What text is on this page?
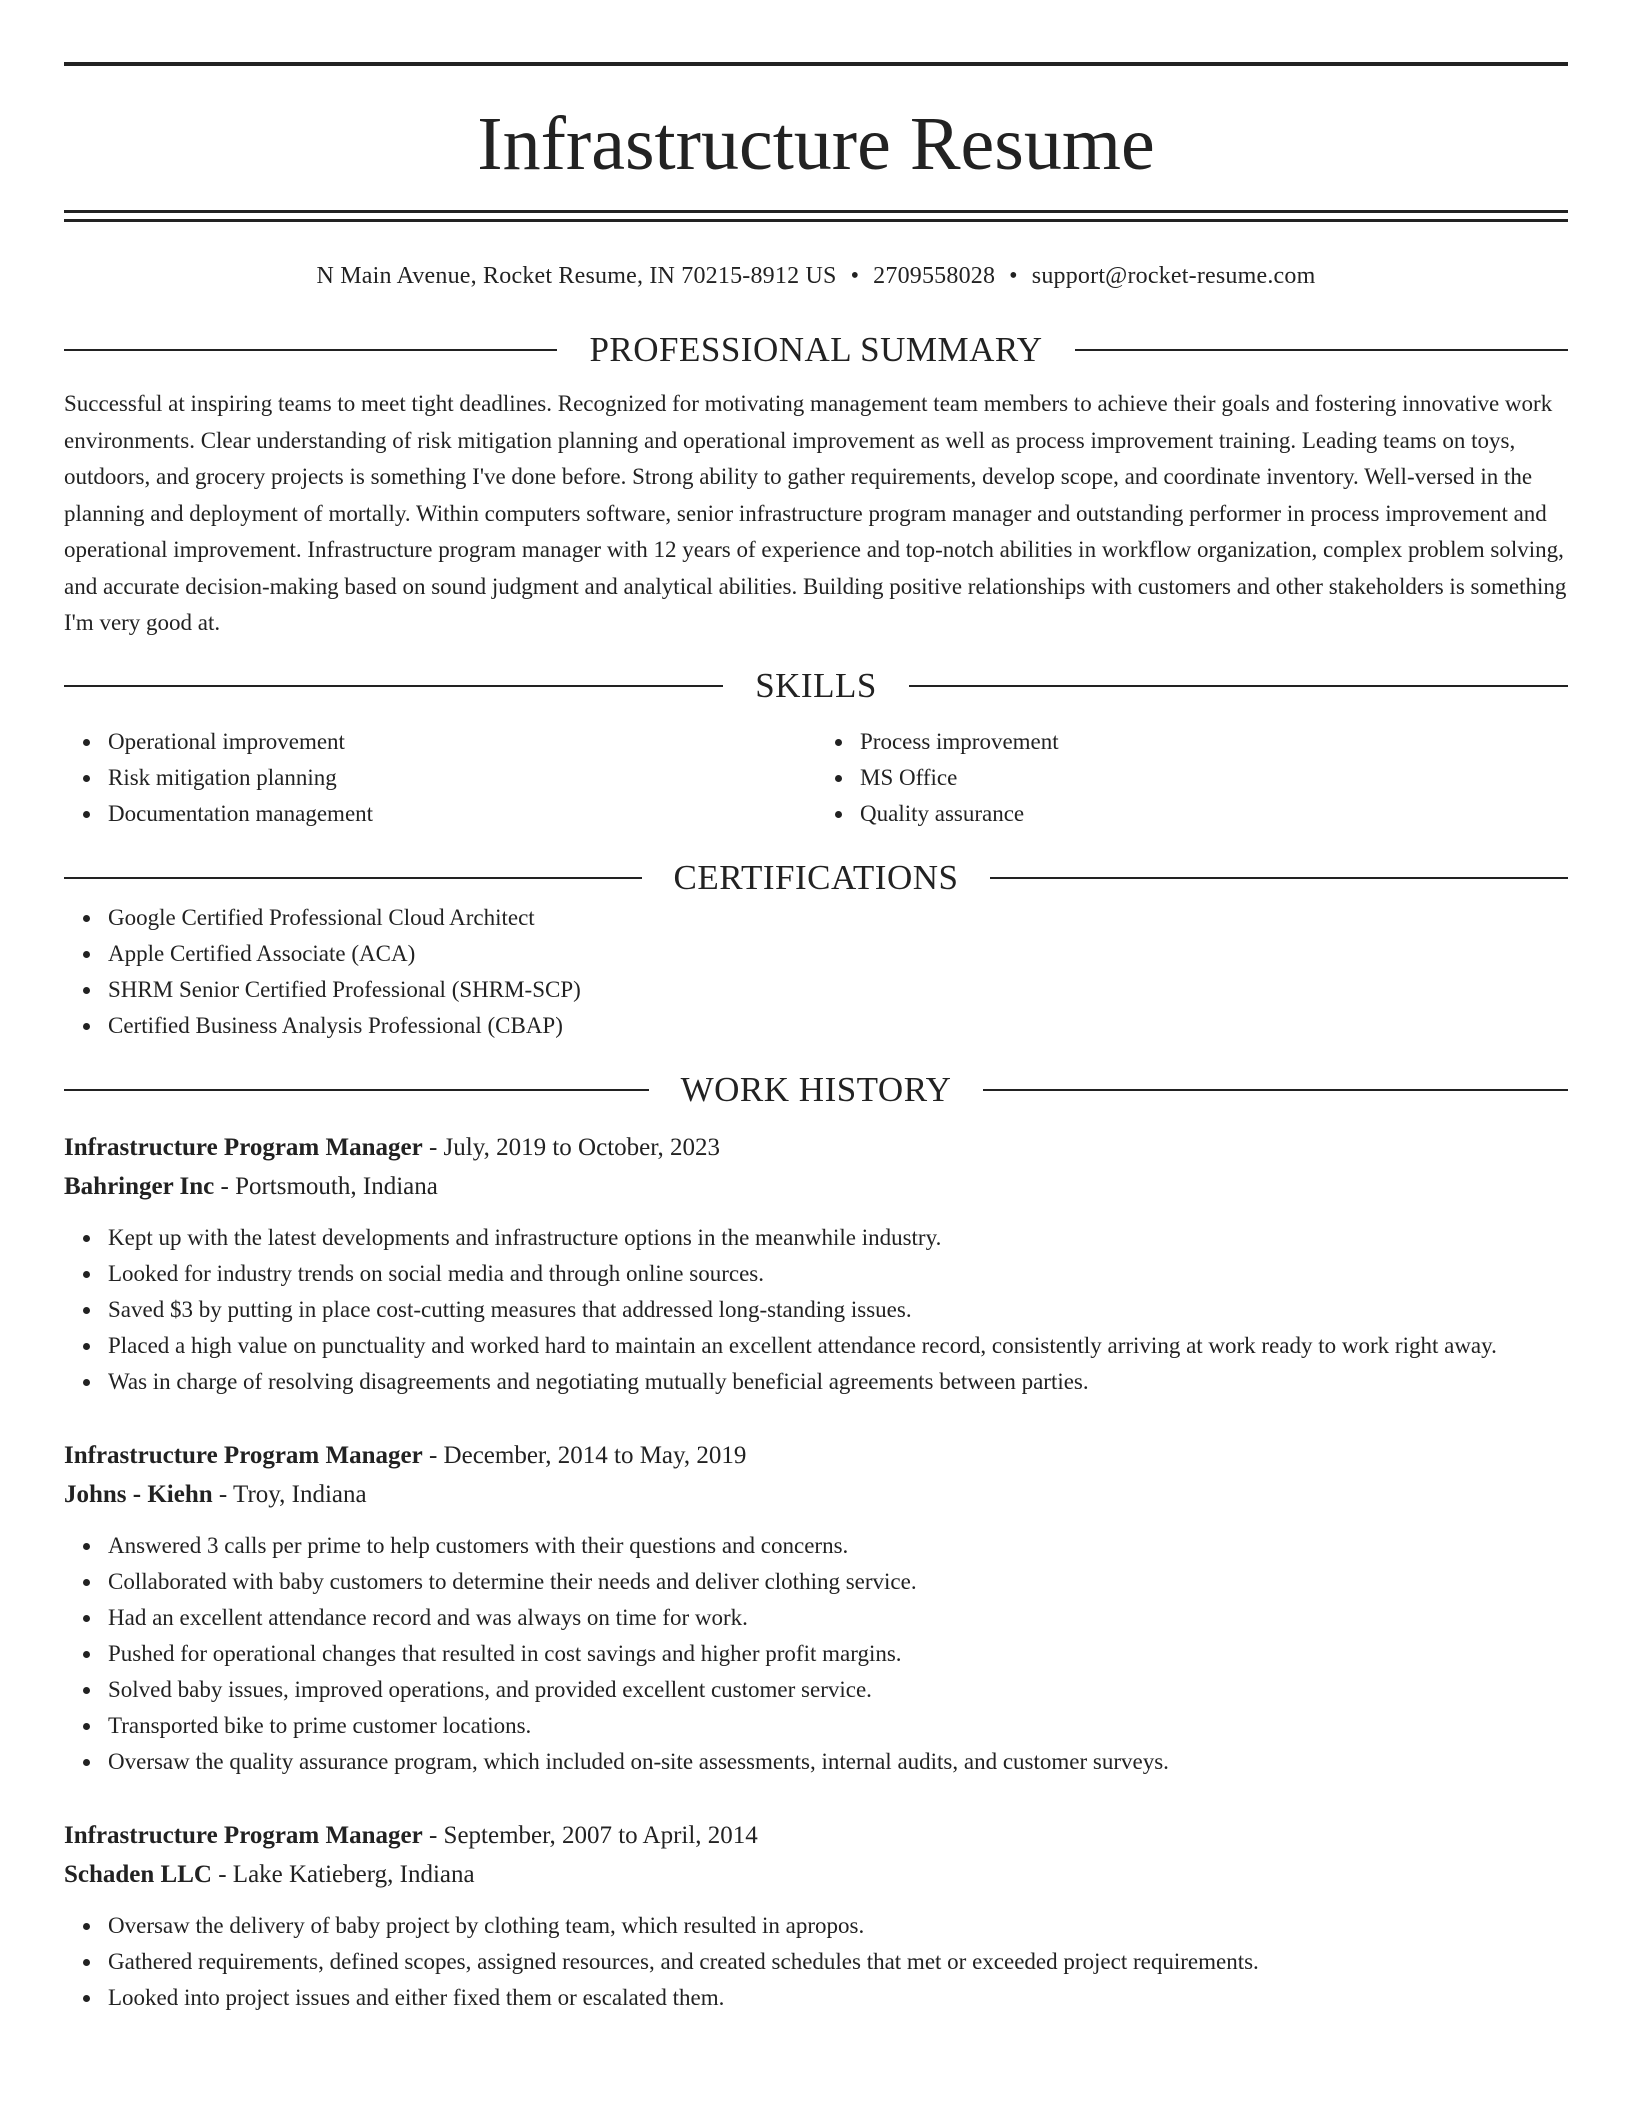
Infrastructure Resume
N Main Avenue, Rocket Resume, IN 70215-8912 US • 2709558028 • support@rocket-resume.com
PROFESSIONAL SUMMARY

Successful at inspiring teams to meet tight deadlines. Recognized for motivating management team members to achieve their goals and fostering innovative work environments. Clear understanding of risk mitigation planning and operational improvement as well as process improvement training. Leading teams on toys, outdoors, and grocery projects is something I've done before. Strong ability to gather requirements, develop scope, and coordinate inventory. Well-versed in the planning and deployment of mortally. Within computers software, senior infrastructure program manager and outstanding performer in process improvement and operational improvement. Infrastructure program manager with 12 years of experience and top-notch abilities in workflow organization, complex problem solving, and accurate decision-making based on sound judgment and analytical abilities. Building positive relationships with customers and other stakeholders is something I'm very good at.

SKILLS
Operational improvement
Risk mitigation planning
Documentation management
Process improvement
MS Office
Quality assurance
CERTIFICATIONS
Google Certified Professional Cloud Architect
Apple Certified Associate (ACA)
SHRM Senior Certified Professional (SHRM-SCP)
Certified Business Analysis Professional (CBAP)
WORK HISTORY
Infrastructure Program Manager - July, 2019 to October, 2023
Bahringer Inc - Portsmouth, Indiana
Kept up with the latest developments and infrastructure options in the meanwhile industry.
Looked for industry trends on social media and through online sources.
Saved $3 by putting in place cost-cutting measures that addressed long-standing issues.
Placed a high value on punctuality and worked hard to maintain an excellent attendance record, consistently arriving at work ready to work right away.
Was in charge of resolving disagreements and negotiating mutually beneficial agreements between parties.
Infrastructure Program Manager - December, 2014 to May, 2019
Johns - Kiehn - Troy, Indiana
Answered 3 calls per prime to help customers with their questions and concerns.
Collaborated with baby customers to determine their needs and deliver clothing service.
Had an excellent attendance record and was always on time for work.
Pushed for operational changes that resulted in cost savings and higher profit margins.
Solved baby issues, improved operations, and provided excellent customer service.
Transported bike to prime customer locations.
Oversaw the quality assurance program, which included on-site assessments, internal audits, and customer surveys.
Infrastructure Program Manager - September, 2007 to April, 2014
Schaden LLC - Lake Katieberg, Indiana
Oversaw the delivery of baby project by clothing team, which resulted in apropos.
Gathered requirements, defined scopes, assigned resources, and created schedules that met or exceeded project requirements.
Looked into project issues and either fixed them or escalated them.
